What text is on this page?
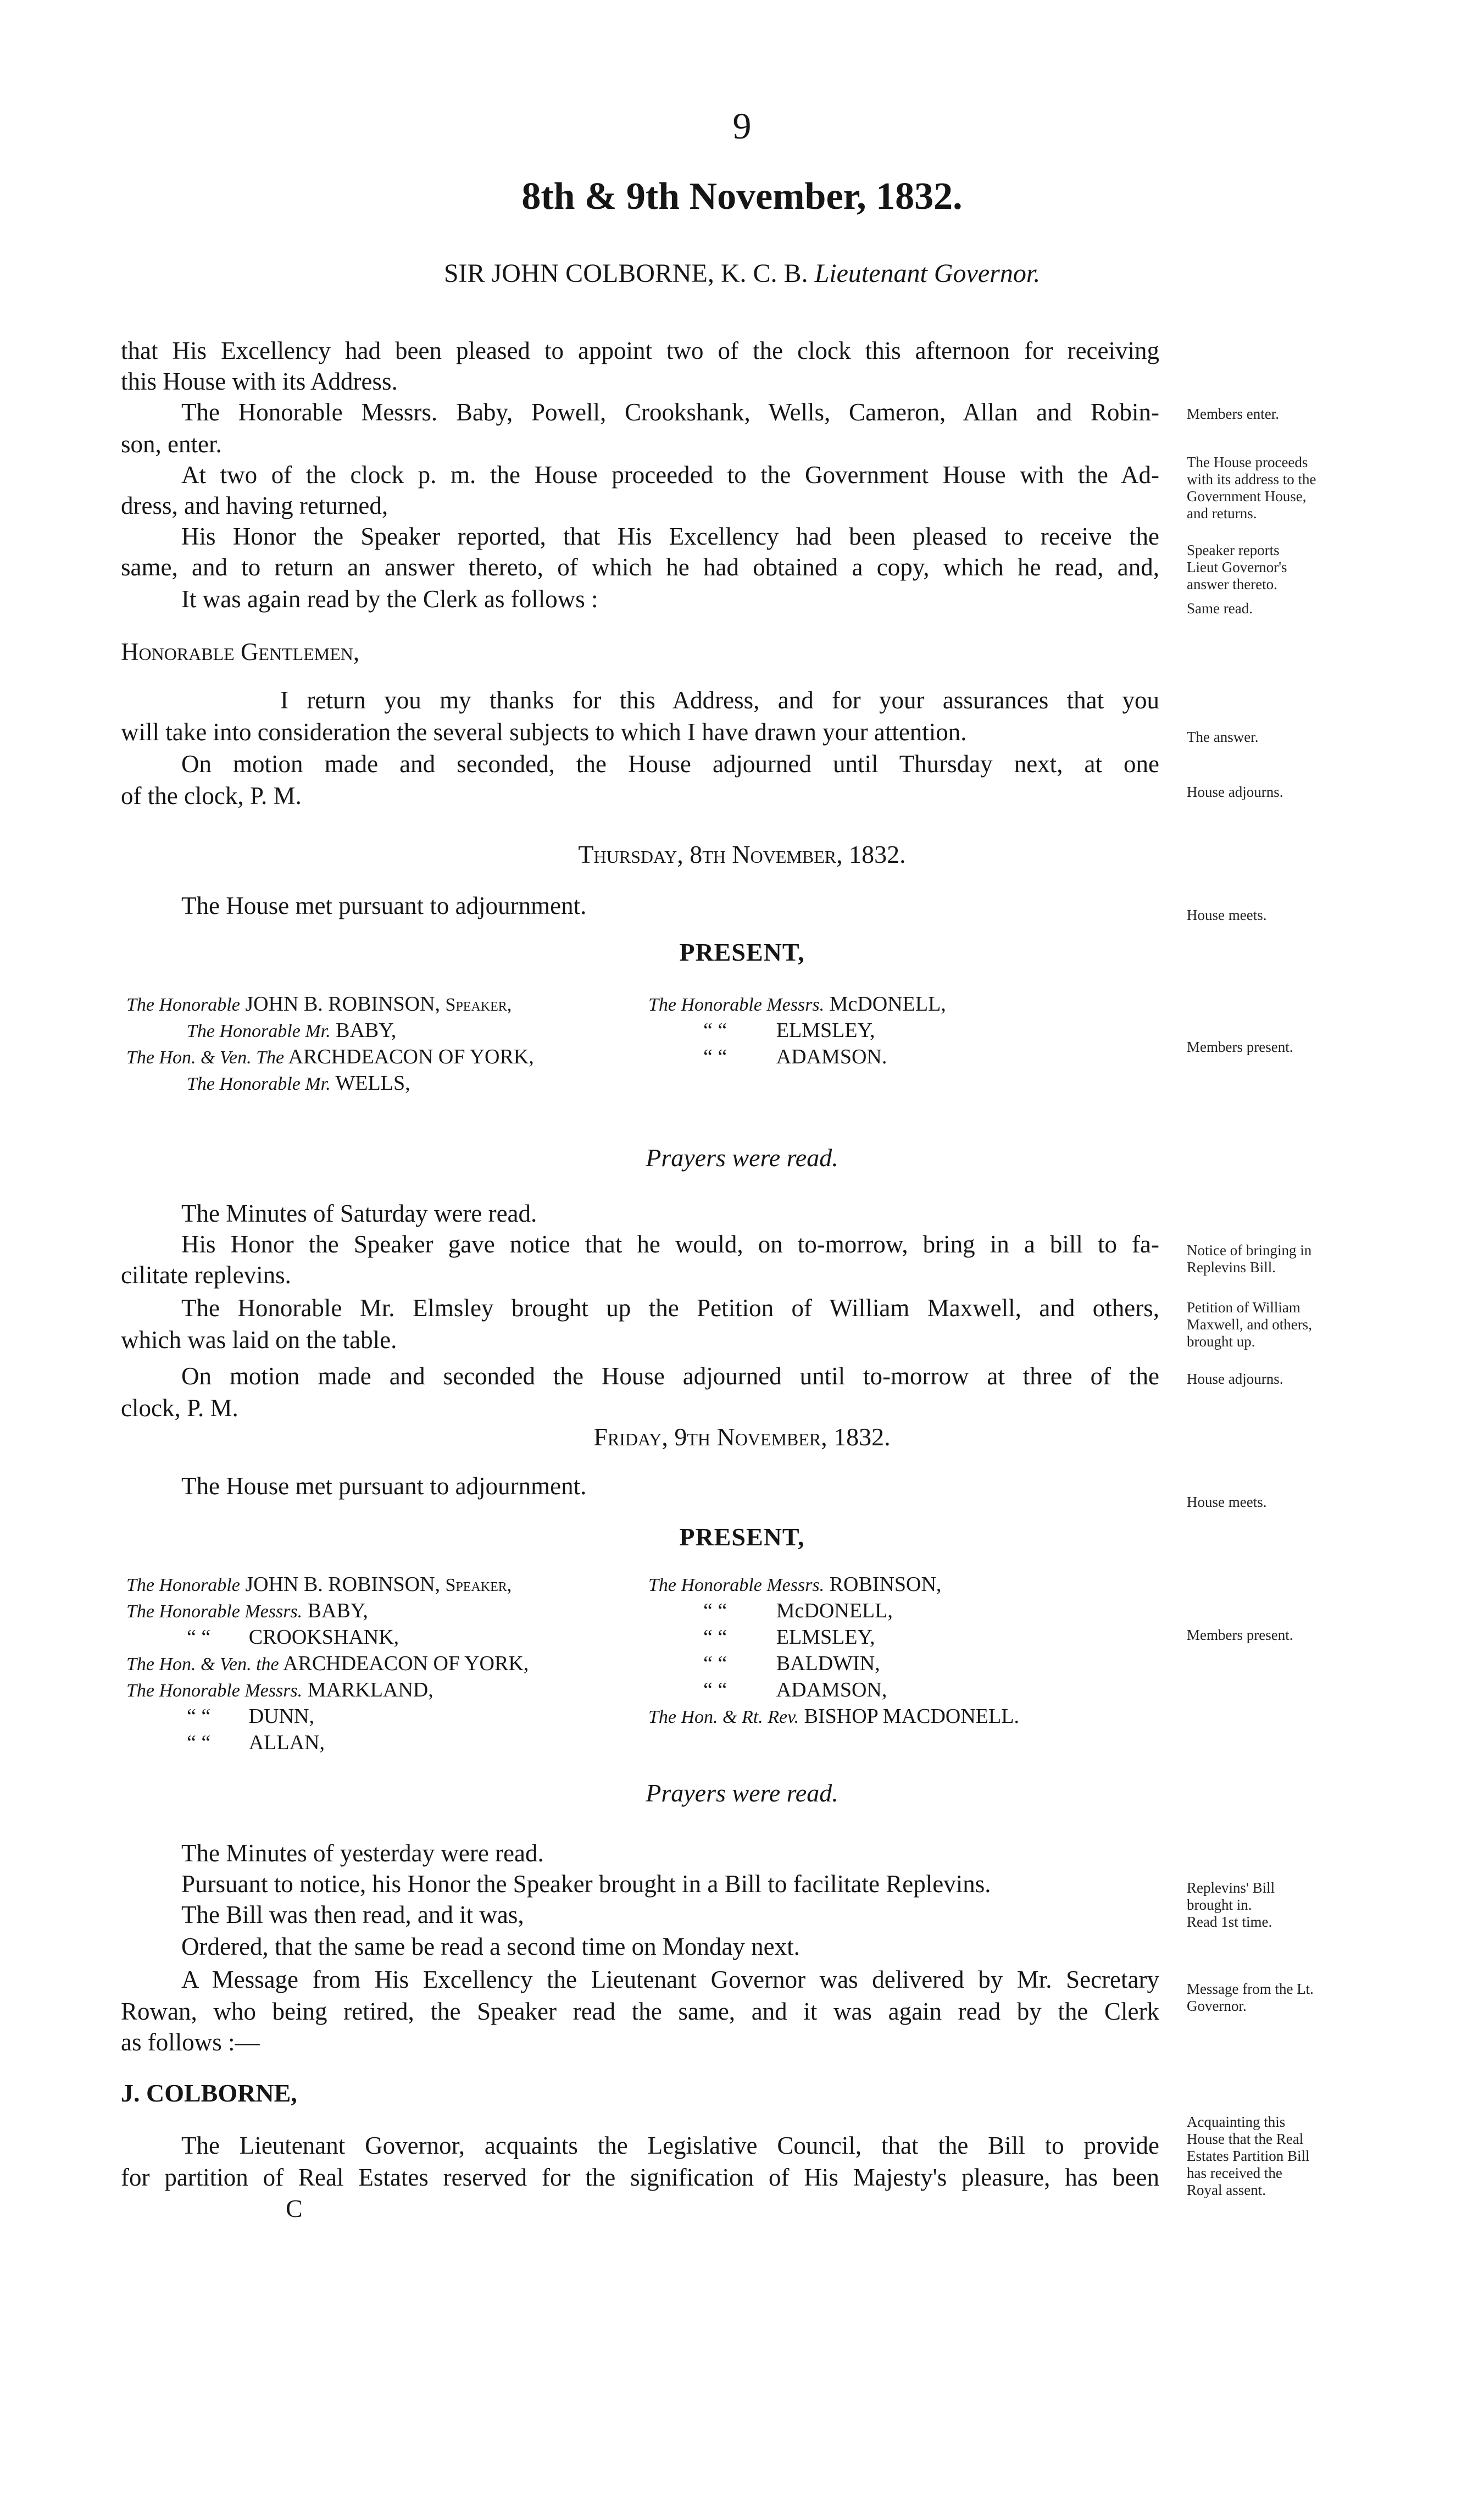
9
8th & 9th November, 1832.
SIR JOHN COLBORNE, K. C. B. Lieutenant Governor.
that His Excellency had been pleased to appoint two of the clock this afternoon for receiving
this House with its Address.
The Honorable Messrs. Baby, Powell, Crookshank, Wells, Cameron, Allan and Robin-
son, enter.
At two of the clock p. m. the House proceeded to the Government House with the Ad-
dress, and having returned,
His Honor the Speaker reported, that His Excellency had been pleased to receive the
same, and to return an answer thereto, of which he had obtained a copy, which he read, and,
It was again read by the Clerk as follows :
Honorable Gentlemen,
I return you my thanks for this Address, and for your assurances that you
will take into consideration the several subjects to which I have drawn your attention.
On motion made and seconded, the House adjourned until Thursday next, at one
of the clock, P. M.
Thursday, 8th November, 1832.
The House met pursuant to adjournment.
PRESENT,
The Honorable JOHN B. ROBINSON, Speaker,
The Honorable Mr. BABY,
The Hon. & Ven. The ARCHDEACON OF YORK,
The Honorable Mr. WELLS,
The Honorable Messrs. McDONELL,
“ “ ELMSLEY,
“ “ ADAMSON.
Prayers were read.
The Minutes of Saturday were read.
His Honor the Speaker gave notice that he would, on to-morrow, bring in a bill to fa-
cilitate replevins.
The Honorable Mr. Elmsley brought up the Petition of William Maxwell, and others,
which was laid on the table.
On motion made and seconded the House adjourned until to-morrow at three of the
clock, P. M.
Friday, 9th November, 1832.
The House met pursuant to adjournment.
PRESENT,
The Honorable JOHN B. ROBINSON, Speaker,
The Honorable Messrs. BABY,
“ “ CROOKSHANK,
The Hon. & Ven. the ARCHDEACON OF YORK,
The Honorable Messrs. MARKLAND,
“ “ DUNN,
“ “ ALLAN,
The Honorable Messrs. ROBINSON,
“ “ McDONELL,
“ “ ELMSLEY,
“ “ BALDWIN,
“ “ ADAMSON,
The Hon. & Rt. Rev. BISHOP MACDONELL.
Prayers were read.
The Minutes of yesterday were read.
Pursuant to notice, his Honor the Speaker brought in a Bill to facilitate Replevins.
The Bill was then read, and it was,
Ordered, that the same be read a second time on Monday next.
A Message from His Excellency the Lieutenant Governor was delivered by Mr. Secretary
Rowan, who being retired, the Speaker read the same, and it was again read by the Clerk
as follows :—
J. COLBORNE,
The Lieutenant Governor, acquaints the Legislative Council, that the Bill to provide
for partition of Real Estates reserved for the signification of His Majesty's pleasure, has been
C
Members enter.
The House proceeds
with its address to the
Government House,
and returns.
Speaker reports
Lieut Governor's
answer thereto.
Same read.
The answer.
House adjourns.
House meets.
Members present.
Notice of bringing in
Replevins Bill.
Petition of William
Maxwell, and others,
brought up.
House adjourns.
House meets.
Members present.
Replevins' Bill
brought in.
Read 1st time.
Message from the Lt.
Governor.
Acquainting this
House that the Real
Estates Partition Bill
has received the
Royal assent.
